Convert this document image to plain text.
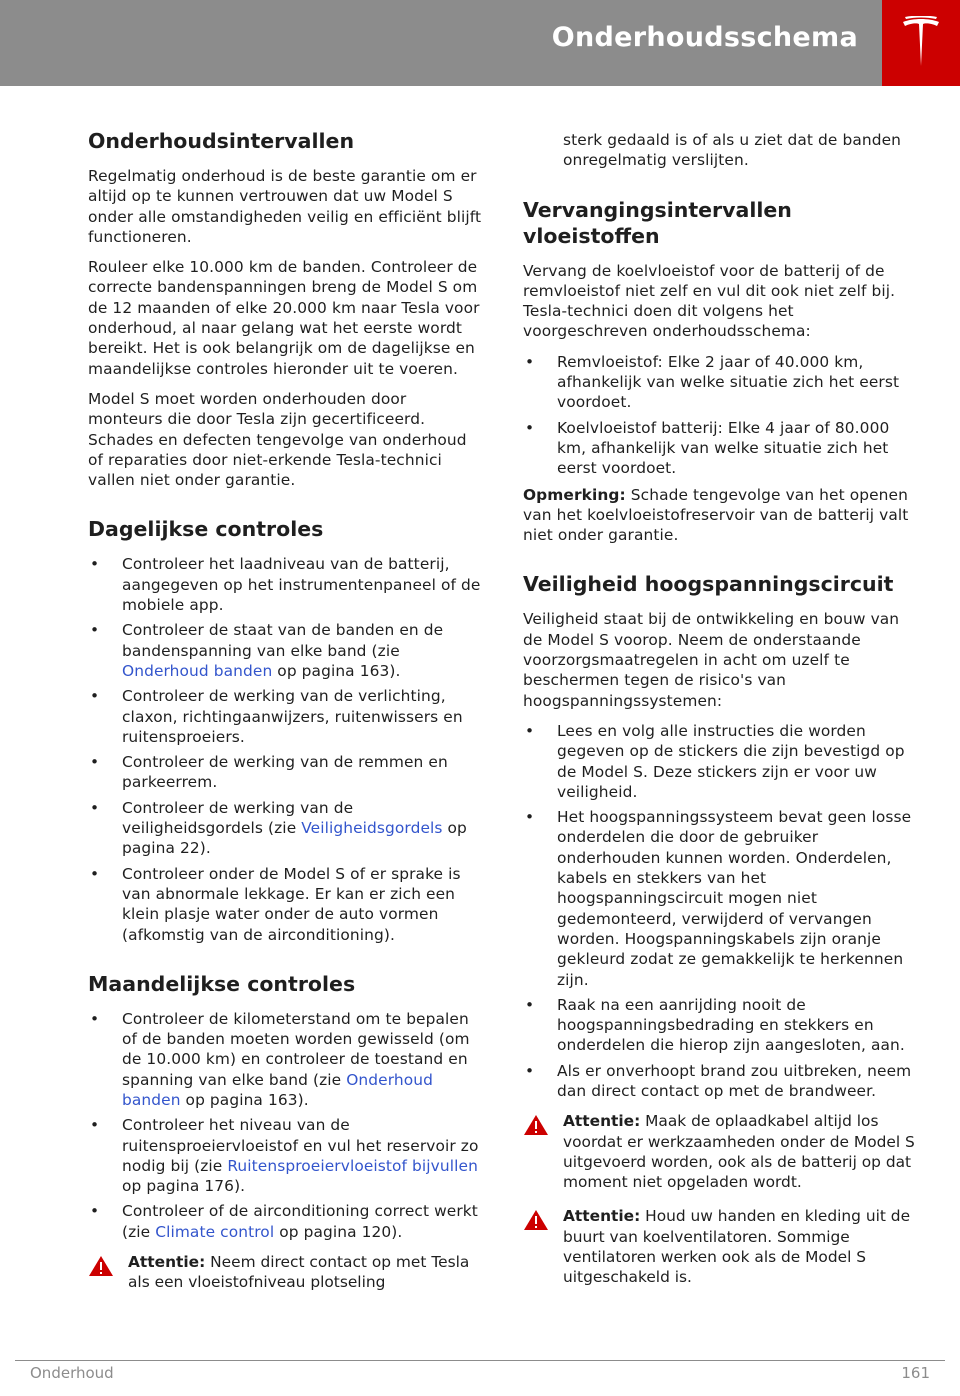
Onderhoudsschema
Onderhoudsintervallen

Regelmatig onderhoud is de beste garantie om er altijd op te kunnen vertrouwen dat uw Model S onder alle omstandigheden veilig en efficiënt blijft functioneren.

Rouleer elke 10.000 km de banden. Controleer de correcte bandenspanningen breng de Model S om de 12 maanden of elke 20.000 km naar Tesla voor onderhoud, al naar gelang wat het eerste wordt bereikt. Het is ook belangrijk om de dagelijkse en maandelijkse controles hieronder uit te voeren.

Model S moet worden onderhouden door monteurs die door Tesla zijn gecertificeerd. Schades en defecten tengevolge van onderhoud of reparaties door niet-erkende Tesla-technici vallen niet onder garantie.

Dagelijkse controles
• Controleer het laadniveau van de batterij, aangegeven op het instrumentenpaneel of de mobiele app.
• Controleer de staat van de banden en de bandenspanning van elke band (zie Onderhoud banden op pagina 163).
• Controleer de werking van de verlichting, claxon, richtingaanwijzers, ruitenwissers en ruitensproeiers.
• Controleer de werking van de remmen en parkeerrem.
• Controleer de werking van de veiligheidsgordels (zie Veiligheidsgordels op pagina 22).
• Controleer onder de Model S of er sprake is van abnormale lekkage. Er kan er zich een klein plasje water onder de auto vormen (afkomstig van de airconditioning).
Maandelijkse controles
• Controleer de kilometerstand om te bepalen of de banden moeten worden gewisseld (om de 10.000 km) en controleer de toestand en spanning van elke band (zie Onderhoud banden op pagina 163).
• Controleer het niveau van de ruitensproeiervloeistof en vul het reservoir zo nodig bij (zie Ruitensproeiervloeistof bijvullen op pagina 176).
• Controleer of de airconditioning correct werkt (zie Climate control op pagina 120).
Attentie: Neem direct contact op met Tesla als een vloeistofniveau plotseling

sterk gedaald is of als u ziet dat de banden onregelmatig verslijten.

Vervangingsintervallen vloeistoffen

Vervang de koelvloeistof voor de batterij of de remvloeistof niet zelf en vul dit ook niet zelf bij. Tesla-technici doen dit volgens het voorgeschreven onderhoudsschema:

• Remvloeistof: Elke 2 jaar of 40.000 km, afhankelijk van welke situatie zich het eerst voordoet.
• Koelvloeistof batterij: Elke 4 jaar of 80.000 km, afhankelijk van welke situatie zich het eerst voordoet.

Opmerking: Schade tengevolge van het openen van het koelvloeistofreservoir van de batterij valt niet onder garantie.

Veiligheid hoogspanningscircuit

Veiligheid staat bij de ontwikkeling en bouw van de Model S voorop. Neem de onderstaande voorzorgsmaatregelen in acht om uzelf te beschermen tegen de risico's van hoogspanningssystemen:

• Lees en volg alle instructies die worden gegeven op de stickers die zijn bevestigd op de Model S. Deze stickers zijn er voor uw veiligheid.
• Het hoogspanningssysteem bevat geen losse onderdelen die door de gebruiker onderhouden kunnen worden. Onderdelen, kabels en stekkers van het hoogspanningscircuit mogen niet gedemonteerd, verwijderd of vervangen worden. Hoogspanningskabels zijn oranje gekleurd zodat ze gemakkelijk te herkennen zijn.
• Raak na een aanrijding nooit de hoogspanningsbedrading en stekkers en onderdelen die hierop zijn aangesloten, aan.
• Als er onverhoopt brand zou uitbreken, neem dan direct contact op met de brandweer.
Attentie: Maak de oplaadkabel altijd los voordat er werkzaamheden onder de Model S uitgevoerd worden, ook als de batterij op dat moment niet opgeladen wordt.
Attentie: Houd uw handen en kleding uit de buurt van koelventilatoren. Sommige ventilatoren werken ook als de Model S uitgeschakeld is.
Onderhoud	161
